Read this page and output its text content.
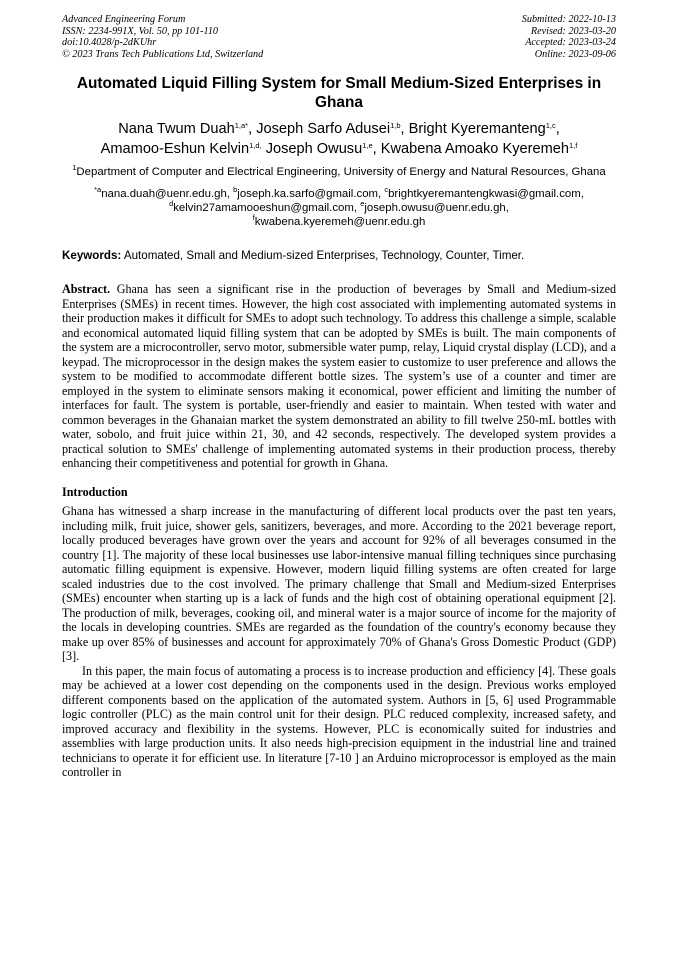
Advanced Engineering Forum
ISSN: 2234-991X, Vol. 50, pp 101-110
doi:10.4028/p-2dKUhr
© 2023 Trans Tech Publications Ltd, Switzerland
Submitted: 2022-10-13
Revised: 2023-03-20
Accepted: 2023-03-24
Online: 2023-09-06
Automated Liquid Filling System for Small Medium-Sized Enterprises in Ghana
Nana Twum Duah$^{1,a*}$, Joseph Sarfo Adusei$^{1,b}$, Bright Kyeremanteng$^{1,c}$,
Amamoo-Eshun Kelvin$^{1,d,}$ Joseph Owusu$^{1,e}$, Kwabena Amoako Kyeremeh$^{1,f}$
$^1$Department of Computer and Electrical Engineering, University of Energy and Natural Resources, Ghana
$^{*a}$nana.duah@uenr.edu.gh, $^b$joseph.ka.sarfo@gmail.com, $^c$brightkyeremantengkwasi@gmail.com,
$^d$kelvin27amamooeshun@gmail.com, $^e$joseph.owusu@uenr.edu.gh,
$^f$kwabena.kyeremeh@uenr.edu.gh
Keywords: Automated, Small and Medium-sized Enterprises, Technology, Counter, Timer.
Abstract. Ghana has seen a significant rise in the production of beverages by Small and Medium-sized Enterprises (SMEs) in recent times. However, the high cost associated with implementing automated systems in their production makes it difficult for SMEs to adopt such technology. To address this challenge a simple, scalable and economical automated liquid filling system that can be adopted by SMEs is built. The main components of the system are a microcontroller, servo motor, submersible water pump, relay, Liquid crystal display (LCD), and a keypad. The microprocessor in the design makes the system easier to customize to user preference and allows the system to be modified to accommodate different bottle sizes. The system’s use of a counter and timer are employed in the system to eliminate sensors making it economical, power efficient and limiting the number of interfaces for fault. The system is portable, user-friendly and easier to maintain. When tested with water and common beverages in the Ghanaian market the system demonstrated an ability to fill twelve 250-mL bottles with water, sobolo, and fruit juice within 21, 30, and 42 seconds, respectively. The developed system provides a practical solution to SMEs' challenge of implementing automated systems in their production process, thereby enhancing their competitiveness and potential for growth in Ghana.
Introduction
Ghana has witnessed a sharp increase in the manufacturing of different local products over the past ten years, including milk, fruit juice, shower gels, sanitizers, beverages, and more. According to the 2021 beverage report, locally produced beverages have grown over the years and account for 92% of all beverages consumed in the country [1]. The majority of these local businesses use labor-intensive manual filling techniques since purchasing automatic filling equipment is expensive. However, modern liquid filling systems are often created for large scaled industries due to the cost involved. The primary challenge that Small and Medium-sized Enterprises (SMEs) encounter when starting up is a lack of funds and the high cost of obtaining operational equipment [2]. The production of milk, beverages, cooking oil, and mineral water is a major source of income for the majority of the locals in developing countries. SMEs are regarded as the foundation of the country's economy because they make up over 85% of businesses and account for approximately 70% of Ghana's Gross Domestic Product (GDP) [3].
In this paper, the main focus of automating a process is to increase production and efficiency [4]. These goals may be achieved at a lower cost depending on the components used in the design. Previous works employed different components based on the application of the automated system. Authors in [5, 6] used Programmable logic controller (PLC) as the main control unit for their design. PLC reduced complexity, increased safety, and improved accuracy and flexibility in the systems. However, PLC is economically suited for industries and assemblies with large production units. It also needs high-precision equipment in the industrial line and trained technicians to operate it for efficient use. In literature [7-10 ] an Arduino microprocessor is employed as the main controller in
